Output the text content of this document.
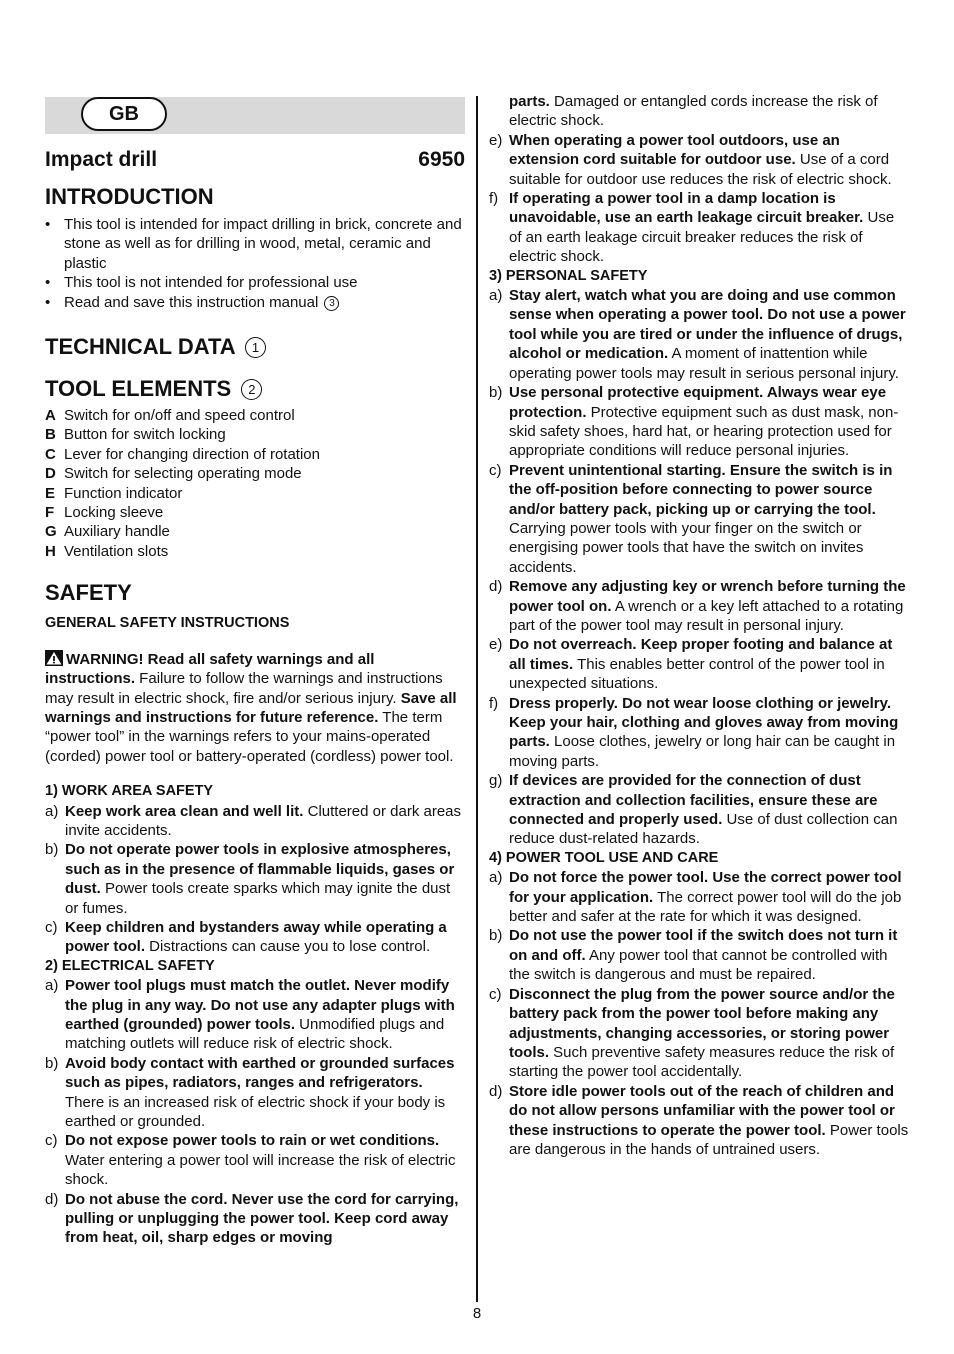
GB
Impact drill	6950
INTRODUCTION
• This tool is intended for impact drilling in brick, concrete and stone as well as for drilling in wood, metal, ceramic and plastic
• This tool is not intended for professional use
• Read and save this instruction manual 3
TECHNICAL DATA 1
TOOL ELEMENTS 2
A Switch for on/off and speed control
B Button for switch locking
C Lever for changing direction of rotation
D Switch for selecting operating mode
E Function indicator
F Locking sleeve
G Auxiliary handle
H Ventilation slots
SAFETY
GENERAL SAFETY INSTRUCTIONS
WARNING! Read all safety warnings and all instructions. Failure to follow the warnings and instructions may result in electric shock, fire and/or serious injury. Save all warnings and instructions for future reference. The term “power tool” in the warnings refers to your mains-operated (corded) power tool or battery-operated (cordless) power tool.
1) WORK AREA SAFETY
a) Keep work area clean and well lit. Cluttered or dark areas invite accidents.
b) Do not operate power tools in explosive atmospheres, such as in the presence of flammable liquids, gases or dust. Power tools create sparks which may ignite the dust or fumes.
c) Keep children and bystanders away while operating a power tool. Distractions can cause you to lose control.
2) ELECTRICAL SAFETY
a) Power tool plugs must match the outlet. Never modify the plug in any way. Do not use any adapter plugs with earthed (grounded) power tools. Unmodified plugs and matching outlets will reduce risk of electric shock.
b) Avoid body contact with earthed or grounded surfaces such as pipes, radiators, ranges and refrigerators. There is an increased risk of electric shock if your body is earthed or grounded.
c) Do not expose power tools to rain or wet conditions. Water entering a power tool will increase the risk of electric shock.
d) Do not abuse the cord. Never use the cord for carrying, pulling or unplugging the power tool. Keep cord away from heat, oil, sharp edges or moving
parts. Damaged or entangled cords increase the risk of electric shock.
e) When operating a power tool outdoors, use an extension cord suitable for outdoor use. Use of a cord suitable for outdoor use reduces the risk of electric shock.
f) If operating a power tool in a damp location is unavoidable, use an earth leakage circuit breaker. Use of an earth leakage circuit breaker reduces the risk of electric shock.
3) PERSONAL SAFETY
a) Stay alert, watch what you are doing and use common sense when operating a power tool. Do not use a power tool while you are tired or under the influence of drugs, alcohol or medication. A moment of inattention while operating power tools may result in serious personal injury.
b) Use personal protective equipment. Always wear eye protection. Protective equipment such as dust mask, non-skid safety shoes, hard hat, or hearing protection used for appropriate conditions will reduce personal injuries.
c) Prevent unintentional starting. Ensure the switch is in the off-position before connecting to power source and/or battery pack, picking up or carrying the tool. Carrying power tools with your finger on the switch or energising power tools that have the switch on invites accidents.
d) Remove any adjusting key or wrench before turning the power tool on. A wrench or a key left attached to a rotating part of the power tool may result in personal injury.
e) Do not overreach. Keep proper footing and balance at all times. This enables better control of the power tool in unexpected situations.
f) Dress properly. Do not wear loose clothing or jewelry. Keep your hair, clothing and gloves away from moving parts. Loose clothes, jewelry or long hair can be caught in moving parts.
g) If devices are provided for the connection of dust extraction and collection facilities, ensure these are connected and properly used. Use of dust collection can reduce dust-related hazards.
4) POWER TOOL USE AND CARE
a) Do not force the power tool. Use the correct power tool for your application. The correct power tool will do the job better and safer at the rate for which it was designed.
b) Do not use the power tool if the switch does not turn it on and off. Any power tool that cannot be controlled with the switch is dangerous and must be repaired.
c) Disconnect the plug from the power source and/or the battery pack from the power tool before making any adjustments, changing accessories, or storing power tools. Such preventive safety measures reduce the risk of starting the power tool accidentally.
d) Store idle power tools out of the reach of children and do not allow persons unfamiliar with the power tool or these instructions to operate the power tool. Power tools are dangerous in the hands of untrained users.
8
